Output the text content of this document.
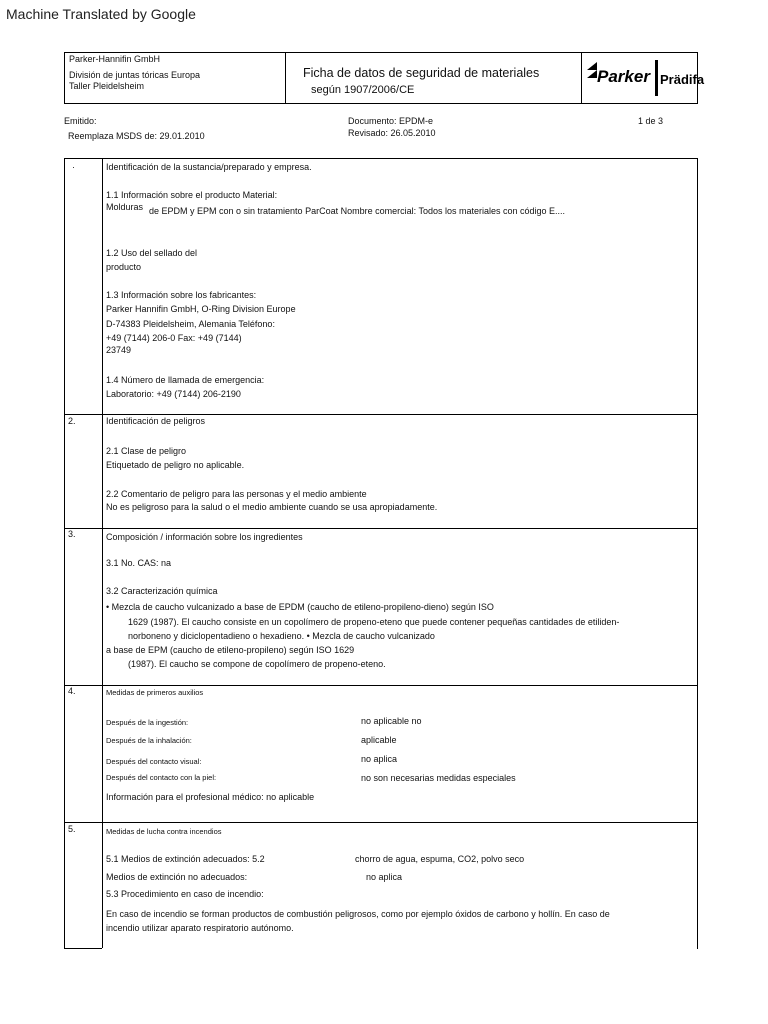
Machine Translated by Google
Parker-Hannifin GmbH
División de juntas tóricas Europa
Taller Pleidelsheim
Ficha de datos de seguridad de materiales
según 1907/2006/CE
Parker Prädifa
Emitido:
Reemplaza MSDS de: 29.01.2010
Documento: EPDM-e
Revisado: 26.05.2010
1 de 3
·	Identificación de la sustancia/preparado y empresa.
1.1 Información sobre el producto Material:
Molduras de EPDM y EPM con o sin tratamiento ParCoat Nombre comercial: Todos los materiales con código E....
1.2 Uso del sellado del
producto
1.3 Información sobre los fabricantes:
Parker Hannifin GmbH, O-Ring Division Europe
D-74383 Pleidelsheim, Alemania Teléfono:
+49 (7144) 206-0 Fax: +49 (7144)
23749
1.4 Número de llamada de emergencia:
Laboratorio: +49 (7144) 206-2190
2.	Identificación de peligros
2.1 Clase de peligro
Etiquetado de peligro no aplicable.
2.2 Comentario de peligro para las personas y el medio ambiente
No es peligroso para la salud o el medio ambiente cuando se usa apropiadamente.
3.	Composición / información sobre los ingredientes
3.1 No. CAS: na
3.2 Caracterización química
• Mezcla de caucho vulcanizado a base de EPDM (caucho de etileno-propileno-dieno) según ISO
1629 (1987). El caucho consiste en un copolímero de propeno-eteno que puede contener pequeñas cantidades de etiliden-
norboneno y diciclopentadieno o hexadieno. • Mezcla de caucho vulcanizado
a base de EPM (caucho de etileno-propileno) según ISO 1629
(1987). El caucho se compone de copolímero de propeno-eteno.
4.	Medidas de primeros auxilios
Después de la ingestión:	no aplicable no
Después de la inhalación:	aplicable
Después del contacto visual:	no aplica
Después del contacto con la piel:	no son necesarias medidas especiales
Información para el profesional médico: no aplicable
5.	Medidas de lucha contra incendios
5.1 Medios de extinción adecuados: 5.2	chorro de agua, espuma, CO2, polvo seco
Medios de extinción no adecuados:	no aplica
5.3 Procedimiento en caso de incendio:
En caso de incendio se forman productos de combustión peligrosos, como por ejemplo óxidos de carbono y hollín. En caso de
incendio utilizar aparato respiratorio autónomo.
